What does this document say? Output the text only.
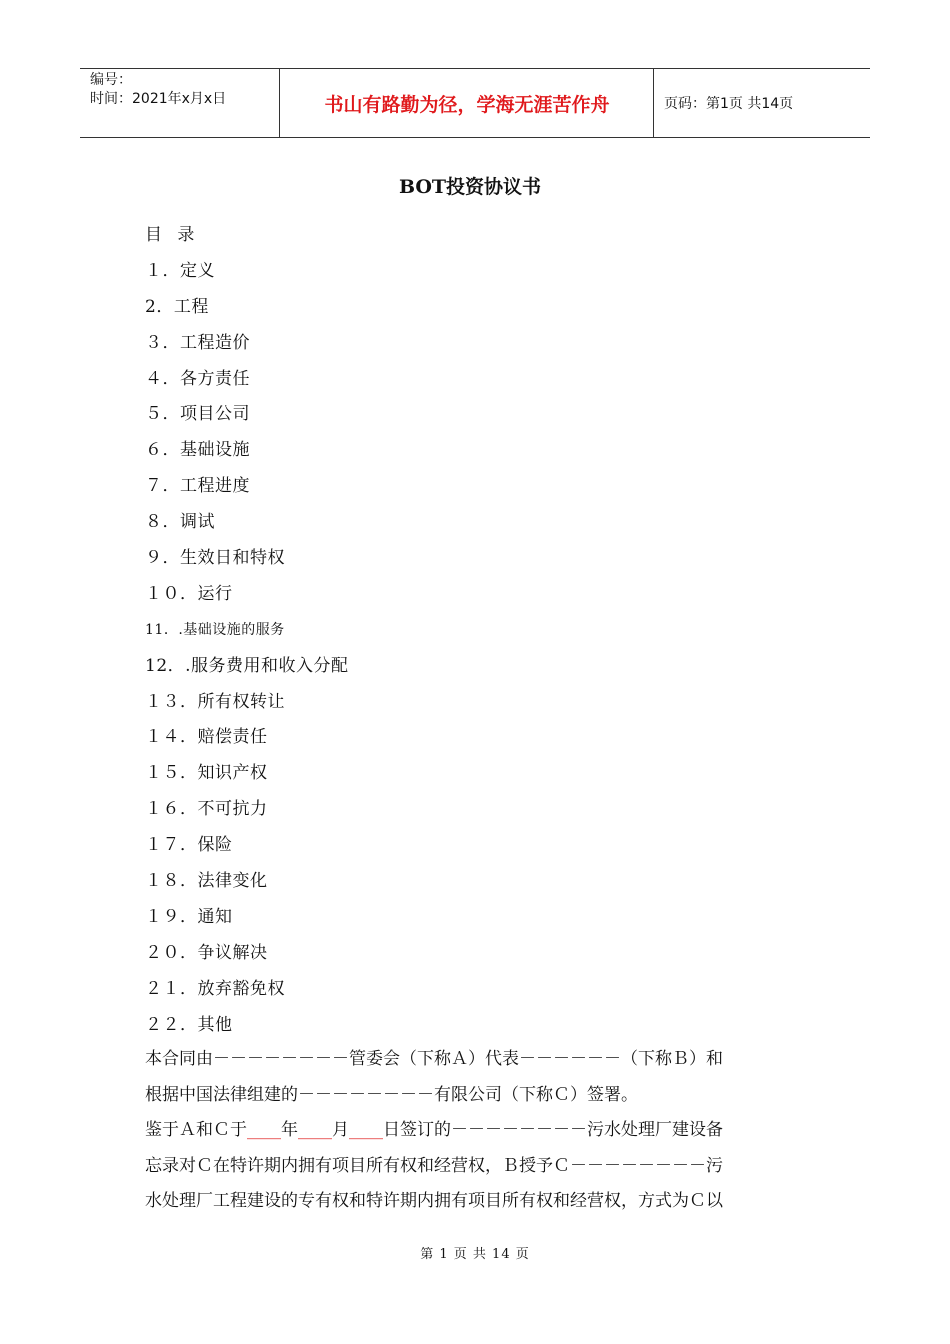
编号：
时间：2021年x月x日	书山有路勤为径，学海无涯苦作舟	页码：第1页 共14页
BOT投资协议书
目 录
１．定义
2．工程
３．工程造价
４．各方责任
５．项目公司
６．基础设施
７．工程进度
８．调试
９．生效日和特权
１０．运行
11．.基础设施的服务
12．.服务费用和收入分配
１３．所有权转让
１４．赔偿责任
１５．知识产权
１６．不可抗力
１７．保险
１８．法律变化
１９．通知
２０．争议解决
２１．放弃豁免权
２２．其他

本合同由－－－－－－－－管委会（下称Ａ）代表－－－－－－（下称Ｂ）和

根据中国法律组建的－－－－－－－－有限公司（下称Ｃ）签署。

鉴于Ａ和Ｃ于____年____月____日签订的－－－－－－－－污水处理厂建设备

忘录对Ｃ在特许期内拥有项目所有权和经营权，Ｂ授予Ｃ－－－－－－－－污

水处理厂工程建设的专有权和特许期内拥有项目所有权和经营权，方式为Ｃ以

第 1 页 共 14 页
